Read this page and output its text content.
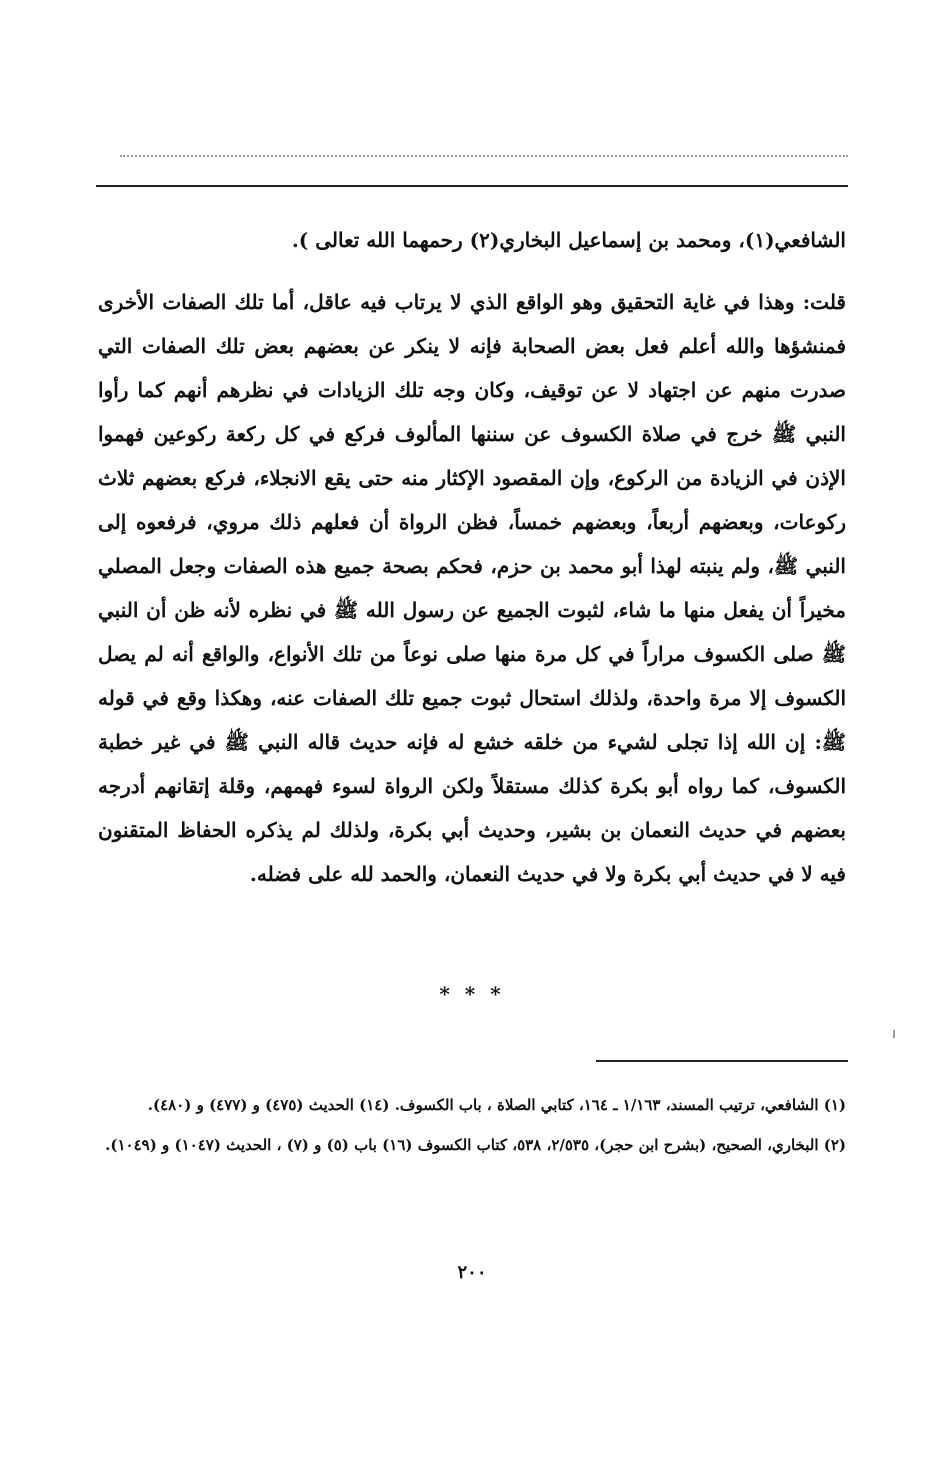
الشافعي(١)، ومحمد بن إسماعيل البخاري(٢) رحمهما الله تعالى ).

قلت: وهذا في غاية التحقيق وهو الواقع الذي لا يرتاب فيه عاقل، أما تلك الصفات الأخرى فمنشؤها والله أعلم فعل بعض الصحابة فإنه لا ينكر عن بعضهم بعض تلك الصفات التي صدرت منهم عن اجتهاد لا عن توقيف، وكان وجه تلك الزيادات في نظرهم أنهم كما رأوا النبي ﷺ خرج في صلاة الكسوف عن سننها المألوف فركع في كل ركعة ركوعين فهموا الإذن في الزيادة من الركوع، وإن المقصود الإكثار منه حتى يقع الانجلاء، فركع بعضهم ثلاث ركوعات، وبعضهم أربعاً، وبعضهم خمساً، فظن الرواة أن فعلهم ذلك مروي، فرفعوه إلى النبي ﷺ، ولم ينبته لهذا أبو محمد بن حزم، فحكم بصحة جميع هذه الصفات وجعل المصلي مخيراً أن يفعل منها ما شاء، لثبوت الجميع عن رسول الله ﷺ في نظره لأنه ظن أن النبي ﷺ صلى الكسوف مراراً في كل مرة منها صلى نوعاً من تلك الأنواع، والواقع أنه لم يصل الكسوف إلا مرة واحدة، ولذلك استحال ثبوت جميع تلك الصفات عنه، وهكذا وقع في قوله ﷺ: إن الله إذا تجلى لشيء من خلقه خشع له فإنه حديث قاله النبي ﷺ في غير خطبة الكسوف، كما رواه أبو بكرة كذلك مستقلاً ولكن الرواة لسوء فهمهم، وقلة إتقانهم أدرجه بعضهم في حديث النعمان بن بشير، وحديث أبي بكرة، ولذلك لم يذكره الحفاظ المتقنون فيه لا في حديث أبي بكرة ولا في حديث النعمان، والحمد لله على فضله.

* * *

(١) الشافعي، ترتيب المسند، ١/١٦٣ ـ ١٦٤، كتابي الصلاة ، باب الكسوف. (١٤) الحديث (٤٧٥) و (٤٧٧) و (٤٨٠).

(٢) البخاري، الصحيح، (بشرح ابن حجر)، ٢/٥٣٥، ٥٣٨، كتاب الكسوف (١٦) باب (٥) و (٧) ، الحديث (١٠٤٧) و (١٠٤٩).

٢٠٠
